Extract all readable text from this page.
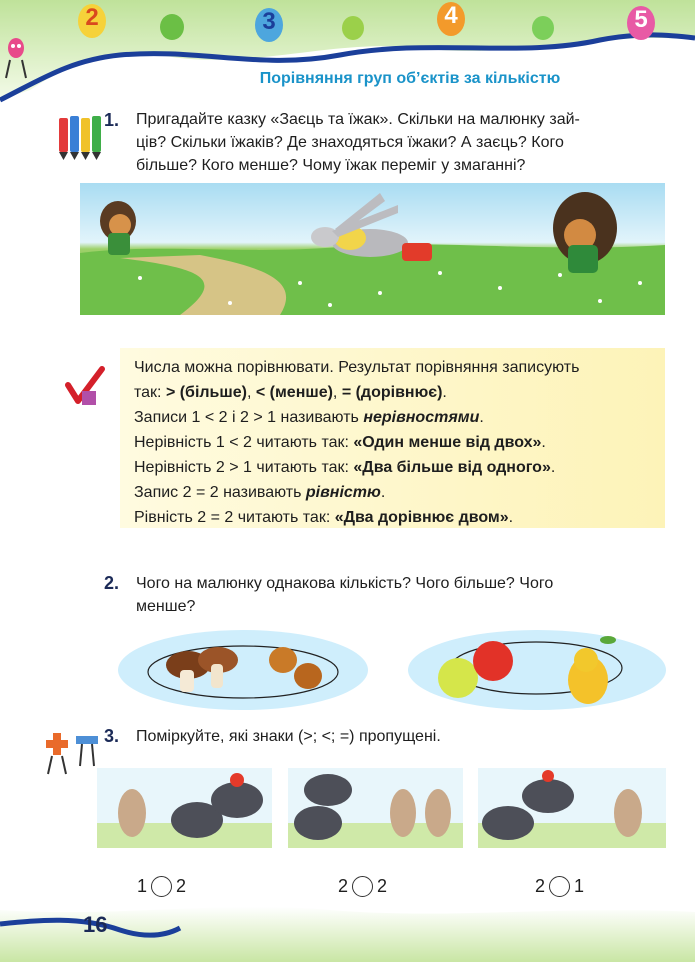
2	3	4	5
Порівняння груп об’єктів за кількістю
1. Пригадайте казку «Заєць та їжак». Скільки на малюнку зай-
ців? Скільки їжаків? Де знаходяться їжаки? А заєць? Кого
більше? Кого менше? Чому їжак переміг у змаганні?
Числа можна порівнювати. Результат порівняння записують
так: > (більше), < (менше), = (дорівнює).
Записи 1 < 2 і 2 > 1 називають нерівностями.
Нерівність 1 < 2 читають так: «Один менше від двох».
Нерівність 2 > 1 читають так: «Два більше від одного».
Запис 2 = 2 називають рівністю.
Рівність 2 = 2 читають так: «Два дорівнює двом».
2. Чого на малюнку однакова кількість? Чого більше? Чого
менше?
3. Поміркуйте, які знаки (>; <; =) пропущені.
1 2	2 2	2 1
16
